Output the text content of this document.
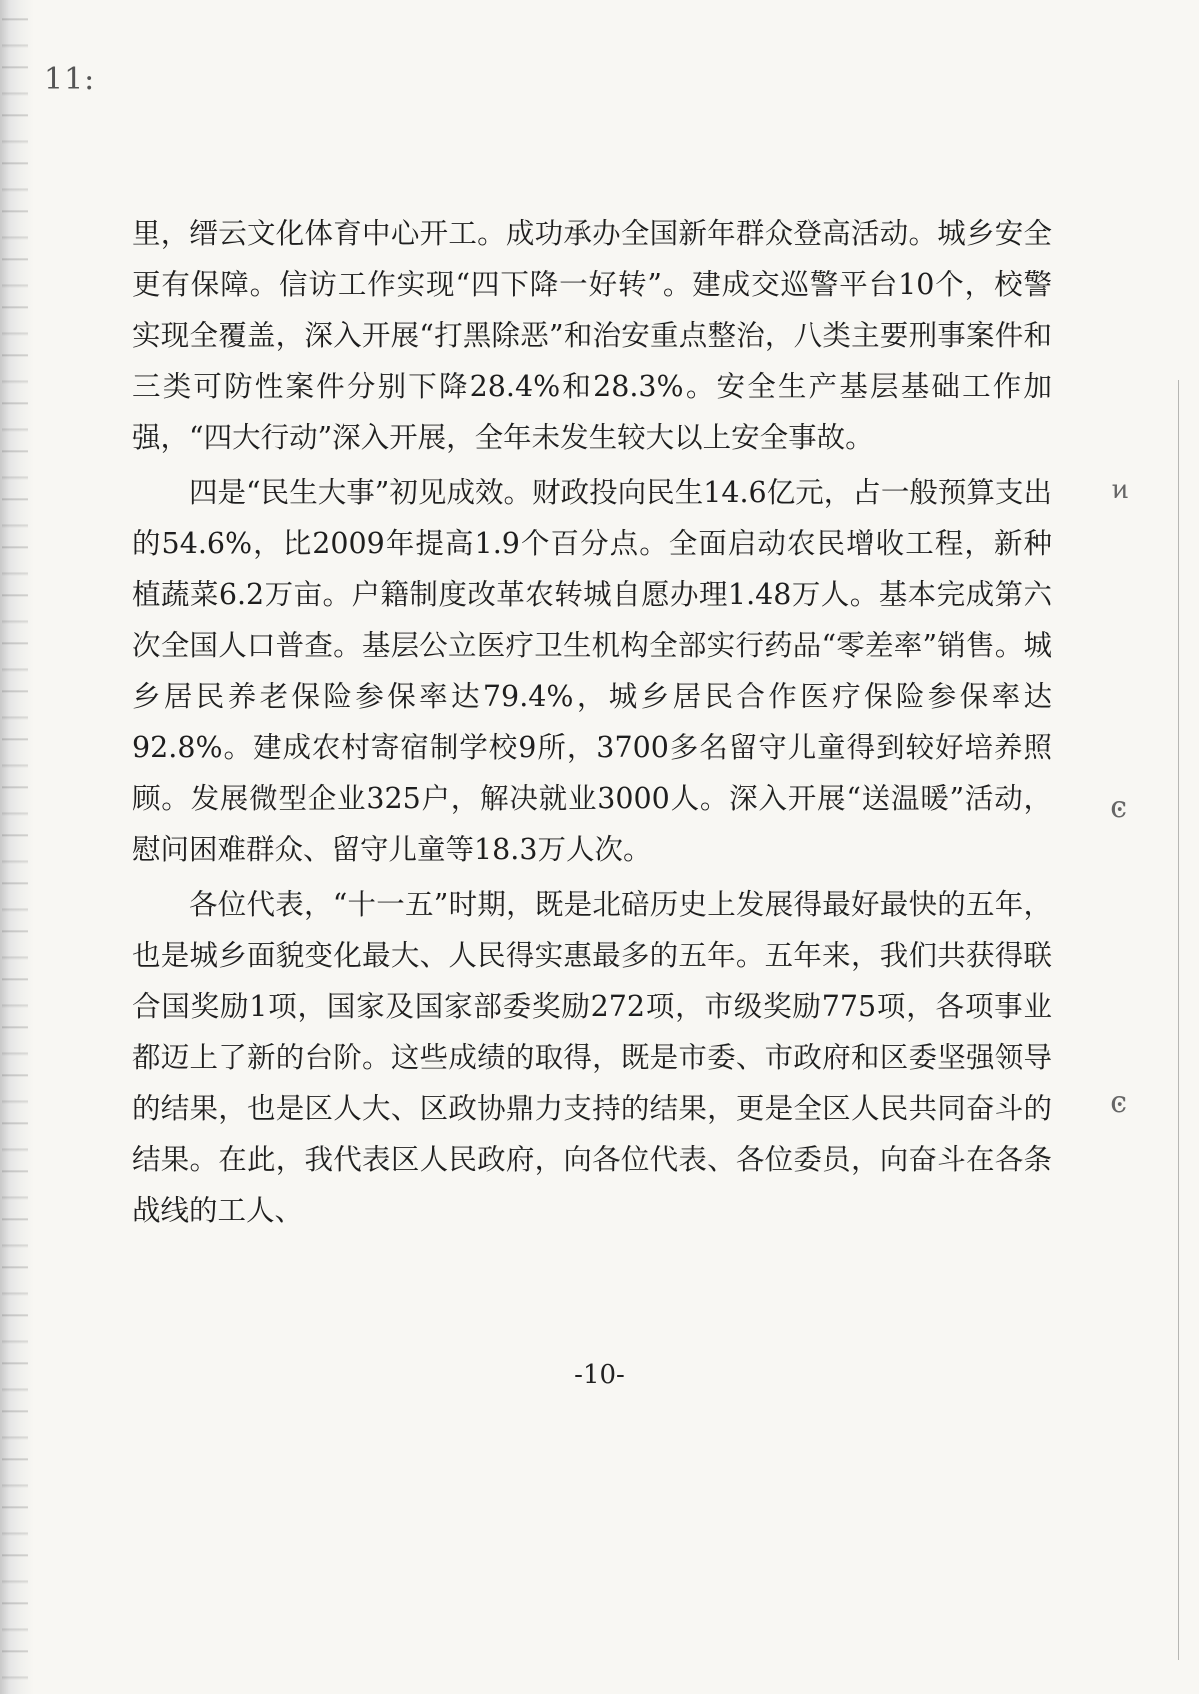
11:
ͷ
ͼ
ͼ

里，缙云文化体育中心开工。成功承办全国新年群众登高活动。城乡安全更有保障。信访工作实现“四下降一好转”。建成交巡警平台10个，校警实现全覆盖，深入开展“打黑除恶”和治安重点整治，八类主要刑事案件和三类可防性案件分别下降28.4%和28.3%。安全生产基层基础工作加强，“四大行动”深入开展，全年未发生较大以上安全事故。

四是“民生大事”初见成效。财政投向民生14.6亿元，占一般预算支出的54.6%，比2009年提高1.9个百分点。全面启动农民增收工程，新种植蔬菜6.2万亩。户籍制度改革农转城自愿办理1.48万人。基本完成第六次全国人口普查。基层公立医疗卫生机构全部实行药品“零差率”销售。城乡居民养老保险参保率达79.4%，城乡居民合作医疗保险参保率达92.8%。建成农村寄宿制学校9所，3700多名留守儿童得到较好培养照顾。发展微型企业325户，解决就业3000人。深入开展“送温暖”活动，慰问困难群众、留守儿童等18.3万人次。

各位代表，“十一五”时期，既是北碚历史上发展得最好最快的五年，也是城乡面貌变化最大、人民得实惠最多的五年。五年来，我们共获得联合国奖励1项，国家及国家部委奖励272项，市级奖励775项，各项事业都迈上了新的台阶。这些成绩的取得，既是市委、市政府和区委坚强领导的结果，也是区人大、区政协鼎力支持的结果，更是全区人民共同奋斗的结果。在此，我代表区人民政府，向各位代表、各位委员，向奋斗在各条战线的工人、

-10-
